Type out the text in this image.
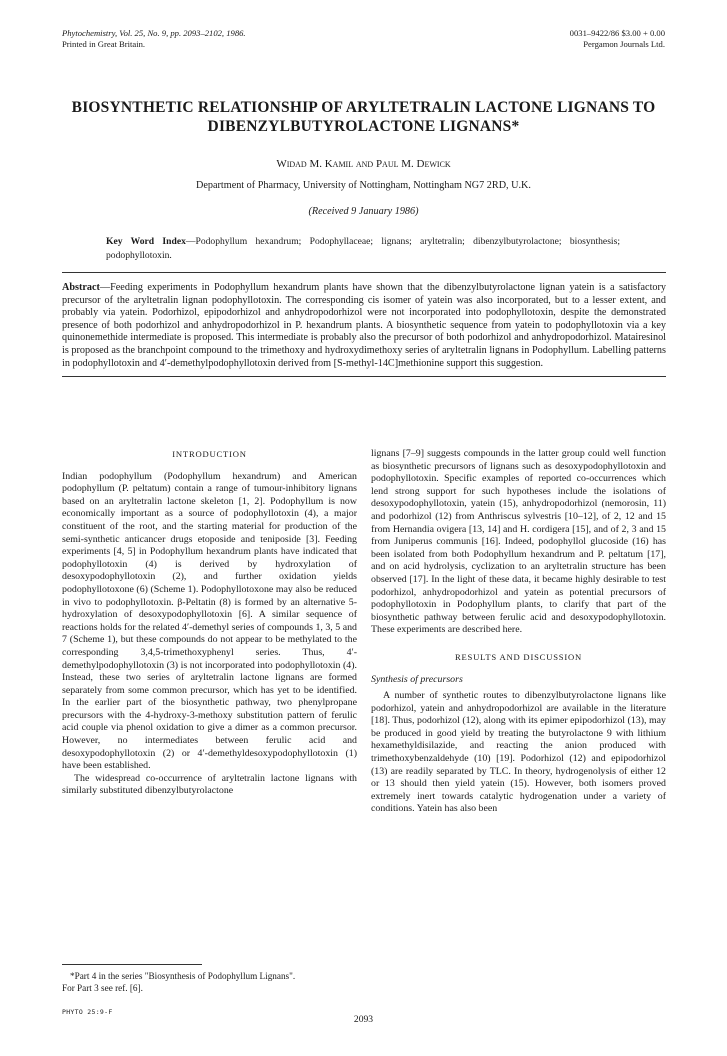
Phytochemistry, Vol. 25, No. 9, pp. 2093–2102, 1986.
Printed in Great Britain.
0031–9422/86 $3.00 + 0.00
Pergamon Journals Ltd.
BIOSYNTHETIC RELATIONSHIP OF ARYLTETRALIN LACTONE LIGNANS TO DIBENZYLBUTYROLACTONE LIGNANS*
Widad M. Kamil and Paul M. Dewick
Department of Pharmacy, University of Nottingham, Nottingham NG7 2RD, U.K.
(Received 9 January 1986)
Key Word Index—Podophyllum hexandrum; Podophyllaceae; lignans; aryltetralin; dibenzylbutyrolactone; biosynthesis; podophyllotoxin.
Abstract—Feeding experiments in Podophyllum hexandrum plants have shown that the dibenzylbutyrolactone lignan yatein is a satisfactory precursor of the aryltetralin lignan podophyllotoxin. The corresponding cis isomer of yatein was also incorporated, but to a lesser extent, and probably via yatein. Podorhizol, epipodorhizol and anhydropodorhizol were not incorporated into podophyllotoxin, despite the demonstrated presence of both podorhizol and anhydropodorhizol in P. hexandrum plants. A biosynthetic sequence from yatein to podophyllotoxin via a key quinonemethide intermediate is proposed. This intermediate is probably also the precursor of both podorhizol and anhydropodorhizol. Matairesinol is proposed as the branchpoint compound to the trimethoxy and hydroxydimethoxy series of aryltetralin lignans in Podophyllum. Labelling patterns in podophyllotoxin and 4′-demethylpodophyllotoxin derived from [S-methyl-14C]methionine support this suggestion.
INTRODUCTION

Indian podophyllum (Podophyllum hexandrum) and American podophyllum (P. peltatum) contain a range of tumour-inhibitory lignans based on an aryltetralin lactone skeleton [1, 2]. Podophyllum is now economically important as a source of podophyllotoxin (4), a major constituent of the root, and the starting material for production of the semi-synthetic anticancer drugs etoposide and teniposide [3]. Feeding experiments [4, 5] in Podophyllum hexandrum plants have indicated that podophyllotoxin (4) is derived by hydroxylation of desoxypodophyllotoxin (2), and further oxidation yields podophyllotoxone (6) (Scheme 1). Podophyllotoxone may also be reduced in vivo to podophyllotoxin. β-Peltatin (8) is formed by an alternative 5-hydroxylation of desoxypodophyllotoxin [6]. A similar sequence of reactions holds for the related 4′-demethyl series of compounds 1, 3, 5 and 7 (Scheme 1), but these compounds do not appear to be methylated to the corresponding 3,4,5-trimethoxyphenyl series. Thus, 4′-demethylpodophyllotoxin (3) is not incorporated into podophyllotoxin (4). Instead, these two series of aryltetralin lactone lignans are formed separately from some common precursor, which has yet to be identified. In the earlier part of the biosynthetic pathway, two phenylpropane precursors with the 4-hydroxy-3-methoxy substitution pattern of ferulic acid couple via phenol oxidation to give a dimer as a common precursor. However, no intermediates between ferulic acid and desoxypodophyllotoxin (2) or 4′-demethyldesoxypodophyllotoxin (1) have been established.

The widespread co-occurrence of aryltetralin lactone lignans with similarly substituted dibenzylbutyrolactone

lignans [7–9] suggests compounds in the latter group could well function as biosynthetic precursors of lignans such as desoxypodophyllotoxin and podophyllotoxin. Specific examples of reported co-occurrences which lend strong support for such hypotheses include the isolations of desoxypodophyllotoxin, yatein (15), anhydropodorhizol (nemorosin, 11) and podorhizol (12) from Anthriscus sylvestris [10–12], of 2, 12 and 15 from Hernandia ovigera [13, 14] and H. cordigera [15], and of 2, 3 and 15 from Juniperus communis [16]. Indeed, podophyllol glucoside (16) has been isolated from both Podophyllum hexandrum and P. peltatum [17], and on acid hydrolysis, cyclization to an aryltetralin structure has been observed [17]. In the light of these data, it became highly desirable to test podorhizol, anhydropodorhizol and yatein as potential precursors of podophyllotoxin in Podophyllum plants, to clarify that part of the biosynthetic pathway between ferulic acid and desoxypodophyllotoxin. These experiments are described here.

RESULTS AND DISCUSSION
Synthesis of precursors

A number of synthetic routes to dibenzylbutyrolactone lignans like podorhizol, yatein and anhydropodorhizol are available in the literature [18]. Thus, podorhizol (12), along with its epimer epipodorhizol (13), may be produced in good yield by treating the butyrolactone 9 with lithium hexamethyldisilazide, and reacting the anion produced with trimethoxybenzaldehyde (10) [19]. Podorhizol (12) and epipodorhizol (13) are readily separated by TLC. In theory, hydrogenolysis of either 12 or 13 should then yield yatein (15). However, both isomers proved extremely inert towards catalytic hydrogenation under a variety of conditions. Yatein has also been

*Part 4 in the series "Biosynthesis of Podophyllum Lignans".
For Part 3 see ref. [6].
PHYTO 25:9-F
2093
